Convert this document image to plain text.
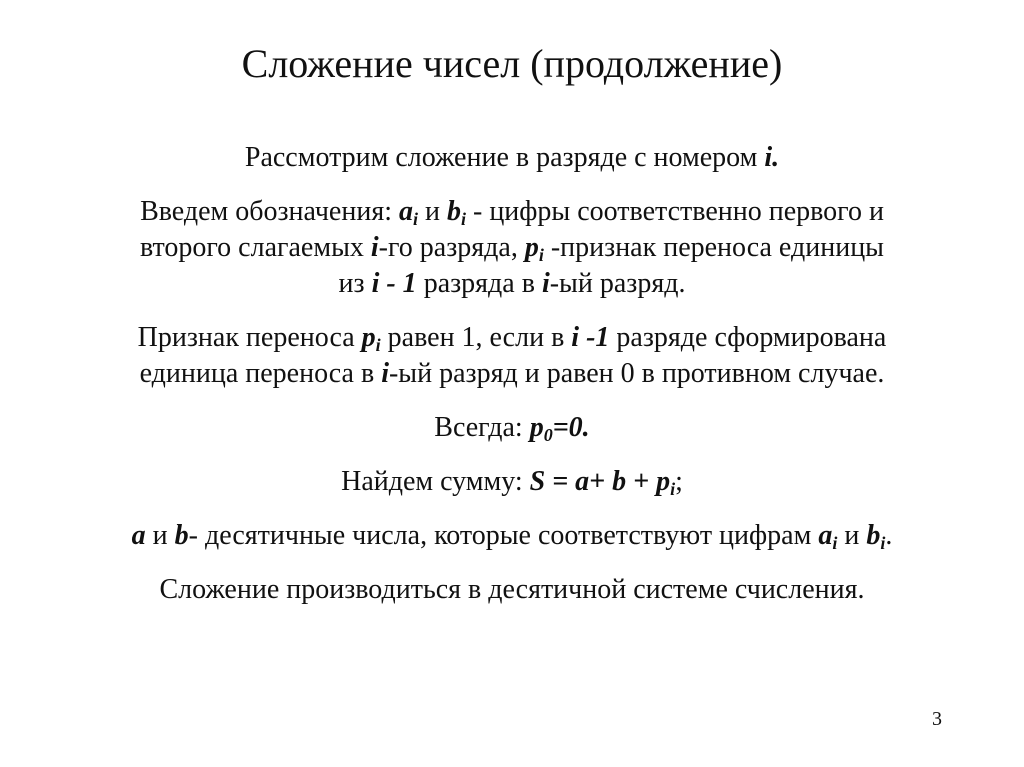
Сложение чисел (продолжение)

Рассмотрим сложение в разряде с номером i.

Введем обозначения: $a_i$ и $b_i$ - цифры соответственно первого и
второго слагаемых i-го разряда, $p_i$ -признак переноса единицы
из i - 1 разряда в i-ый разряд.

Признак переноса $p_i$ равен 1, если в i -1 разряде сформирована
единица переноса в i-ый разряд и равен 0 в противном случае.

Всегда: $p_0=0$.

Найдем сумму: $S = a+ b + p_i$;

a и b- десятичные числа, которые соответствуют цифрам $a_i$ и $b_i$.

Сложение производиться в десятичной системе счисления.

3
